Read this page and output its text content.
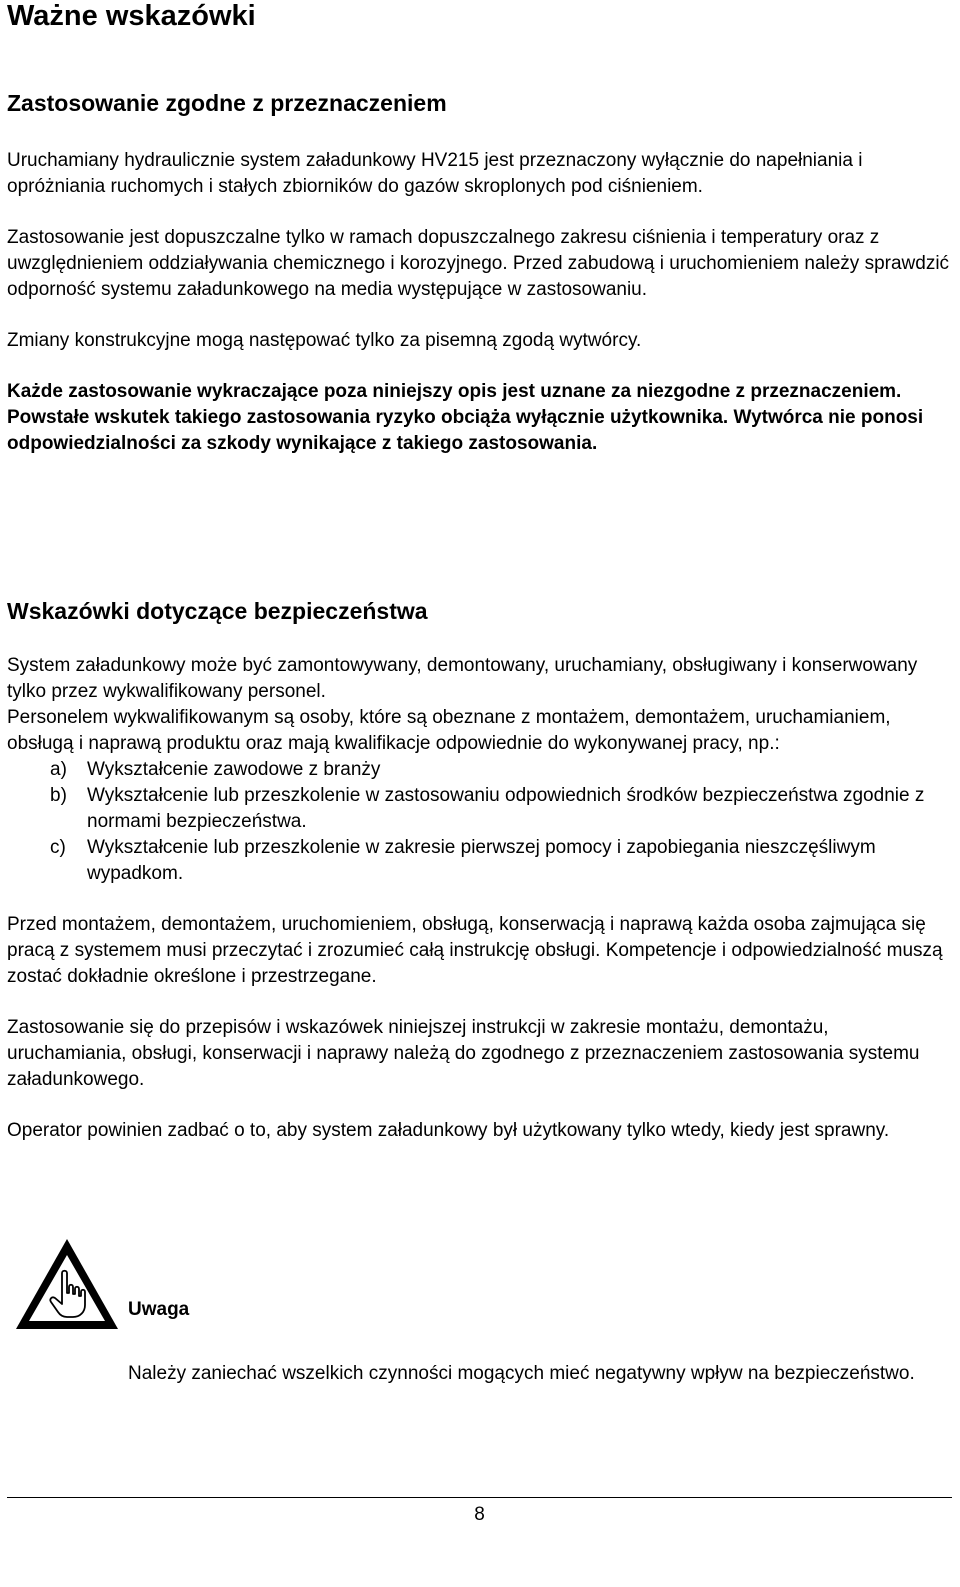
Ważne wskazówki
Zastosowanie zgodne z przeznaczeniem

Uruchamiany hydraulicznie system załadunkowy HV215 jest przeznaczony wyłącznie do napełniania i opróżniania ruchomych i stałych zbiorników do gazów skroplonych pod ciśnieniem.

Zastosowanie jest dopuszczalne tylko w ramach dopuszczalnego zakresu ciśnienia i temperatury oraz z uwzględnieniem oddziaływania chemicznego i korozyjnego. Przed zabudową i uruchomieniem należy sprawdzić odporność systemu załadunkowego na media występujące w zastosowaniu.

Zmiany konstrukcyjne mogą następować tylko za pisemną zgodą wytwórcy.

Każde zastosowanie wykraczające poza niniejszy opis jest uznane za niezgodne z przeznaczeniem. Powstałe wskutek takiego zastosowania ryzyko obciąża wyłącznie użytkownika. Wytwórca nie ponosi odpowiedzialności za szkody wynikające z takiego zastosowania.

Wskazówki dotyczące bezpieczeństwa

System załadunkowy może być zamontowywany, demontowany, uruchamiany, obsługiwany i konserwowany tylko przez wykwalifikowany personel.

Personelem wykwalifikowanym są osoby, które są obeznane z montażem, demontażem, uruchamianiem, obsługą i naprawą produktu oraz mają kwalifikacje odpowiednie do wykonywanej pracy, np.:

a) Wykształcenie zawodowe z branży
b) Wykształcenie lub przeszkolenie w zastosowaniu odpowiednich środków bezpieczeństwa zgodnie z normami bezpieczeństwa.
c) Wykształcenie lub przeszkolenie w zakresie pierwszej pomocy i zapobiegania nieszczęśliwym wypadkom.

Przed montażem, demontażem, uruchomieniem, obsługą, konserwacją i naprawą każda osoba zajmująca się pracą z systemem musi przeczytać i zrozumieć całą instrukcję obsługi. Kompetencje i odpowiedzialność muszą zostać dokładnie określone i przestrzegane.

Zastosowanie się do przepisów i wskazówek niniejszej instrukcji w zakresie montażu, demontażu, uruchamiania, obsługi, konserwacji i naprawy należą do zgodnego z przeznaczeniem zastosowania systemu załadunkowego.

Operator powinien zadbać o to, aby system załadunkowy był użytkowany tylko wtedy, kiedy jest sprawny.

Uwaga

Należy zaniechać wszelkich czynności mogących mieć negatywny wpływ na bezpieczeństwo.

8
